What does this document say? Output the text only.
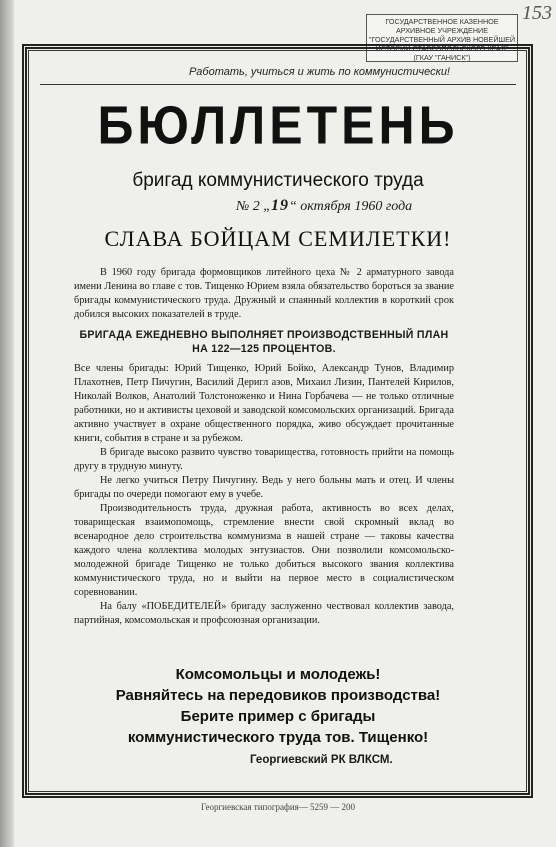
ГОСУДАРСТВЕННОЕ КАЗЕННОЕ
АРХИВНОЕ УЧРЕЖДЕНИЕ
"ГОСУДАРСТВЕННЫЙ АРХИВ НОВЕЙШЕЙ
ИСТОРИИ СТАВРОПОЛЬСКОГО КРАЯ"
(ГКАУ "ГАНИСК")
153
Работать, учиться и жить по коммунистически!
БЮЛЛЕТЕНЬ
бригад коммунистического труда
№ 2 „19“ октября 1960 года
СЛАВА БОЙЦАМ СЕМИЛЕТКИ!

В 1960 году бригада формовщиков литейного цеха № 2 арматурного завода имени Ленина во главе с тов. Тищенко Юрием взяла обязательство бороться за звание бригады коммунистического труда. Дружный и спаянный коллектив в короткий срок добился высоких показателей в труде.

БРИГАДА ЕЖЕДНЕВНО ВЫПОЛНЯЕТ ПРОИЗВОДСТВЕННЫЙ ПЛАН НА 122—125 ПРОЦЕНТОВ.

Все члены бригады: Юрий Тищенко, Юрий Бойко, Александр Тунов, Владимир Плахотнев, Петр Пичугин, Василий Деригл азов, Михаил Лизин, Пантелей Кирилов, Николай Волков, Анатолий Толстоноженко и Нина Горбачева — не только отличные работники, но и активисты цеховой и заводской комсомольских организаций. Бригада активно участвует в охране общественного порядка, живо обсуждает прочитанные книги, события в стране и за рубежом.

В бригаде высоко развито чувство товарищества, готовность прийти на помощь другу в трудную минуту.

Не легко учиться Петру Пичугину. Ведь у него больны мать и отец. И члены бригады по очереди помогают ему в учебе.

Производительность труда, дружная работа, активность во всех делах, товарищеская взаимопомощь, стремление внести свой скромный вклад во всенародное дело строительства коммунизма в нашей стране — таковы качества каждого члена коллектива молодых энтузиастов. Они позволили комсомольско-молодежной бригаде Тищенко не только добиться высокого звания коллектива коммунистического труда, но и выйти на первое место в социалистическом соревновании.

На балу «ПОБЕДИТЕЛЕЙ» бригаду заслуженно чествовал коллектив завода, партийная, комсомольская и профсоюзная организации.

Комсомольцы и молодежь!
Равняйтесь на передовиков производства!
Берите пример с бригады
коммунистического труда тов. Тищенко!
Георгиевский РК ВЛКСМ.
Георгиевская типография— 5259 — 200
